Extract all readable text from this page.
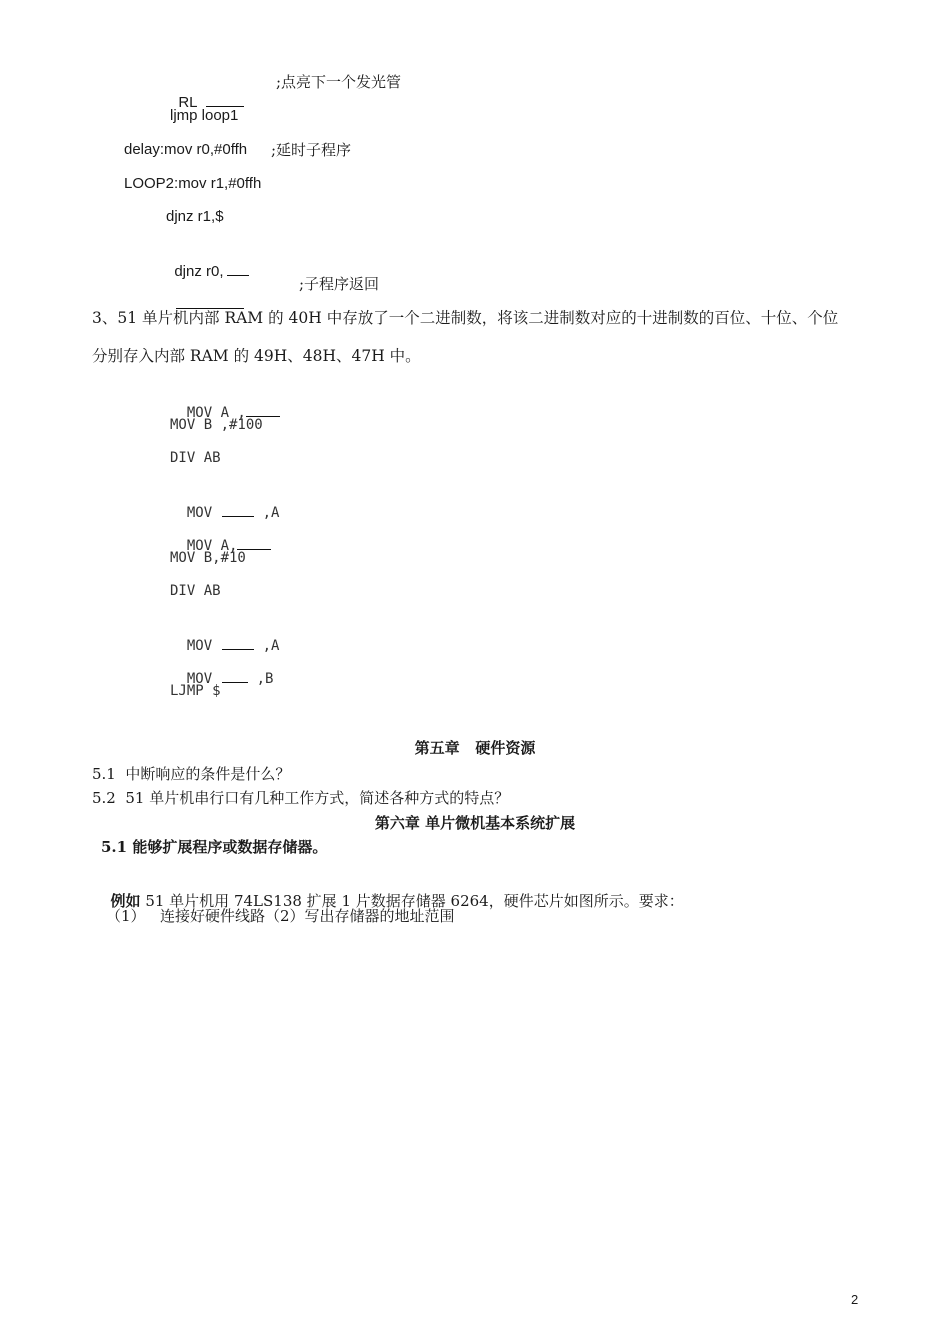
RL

;点亮下一个发光管
ljmp loop1
delay:mov r0,#0ffh ;延时子程序
LOOP2:mov r1,#0ffh
djnz r1,$

djnz r0,

;子程序返回
3、51 单片机内部 RAM 的 40H 中存放了一个二进制数，将该二进制数对应的十进制数的百位、十位、个位
分别存入内部 RAM 的 49H、48H、47H 中。

MOV A ,

MOV B ,#100
DIV AB

MOV	,A

MOV A,

MOV B,#10
DIV AB

MOV	,A

MOV	,B

LJMP $
第五章   硬件资源
5.1  中断响应的条件是什么？
5.2  51 单片机串行口有几种工作方式，简述各种方式的特点？
第六章 单片微机基本系统扩展
5.1 能够扩展程序或数据存储器。

例如 51 单片机用 74LS138 扩展 1 片数据存储器 6264，硬件芯片如图所示。要求：

（1） 连接好硬件线路（2）写出存储器的地址范围
2
